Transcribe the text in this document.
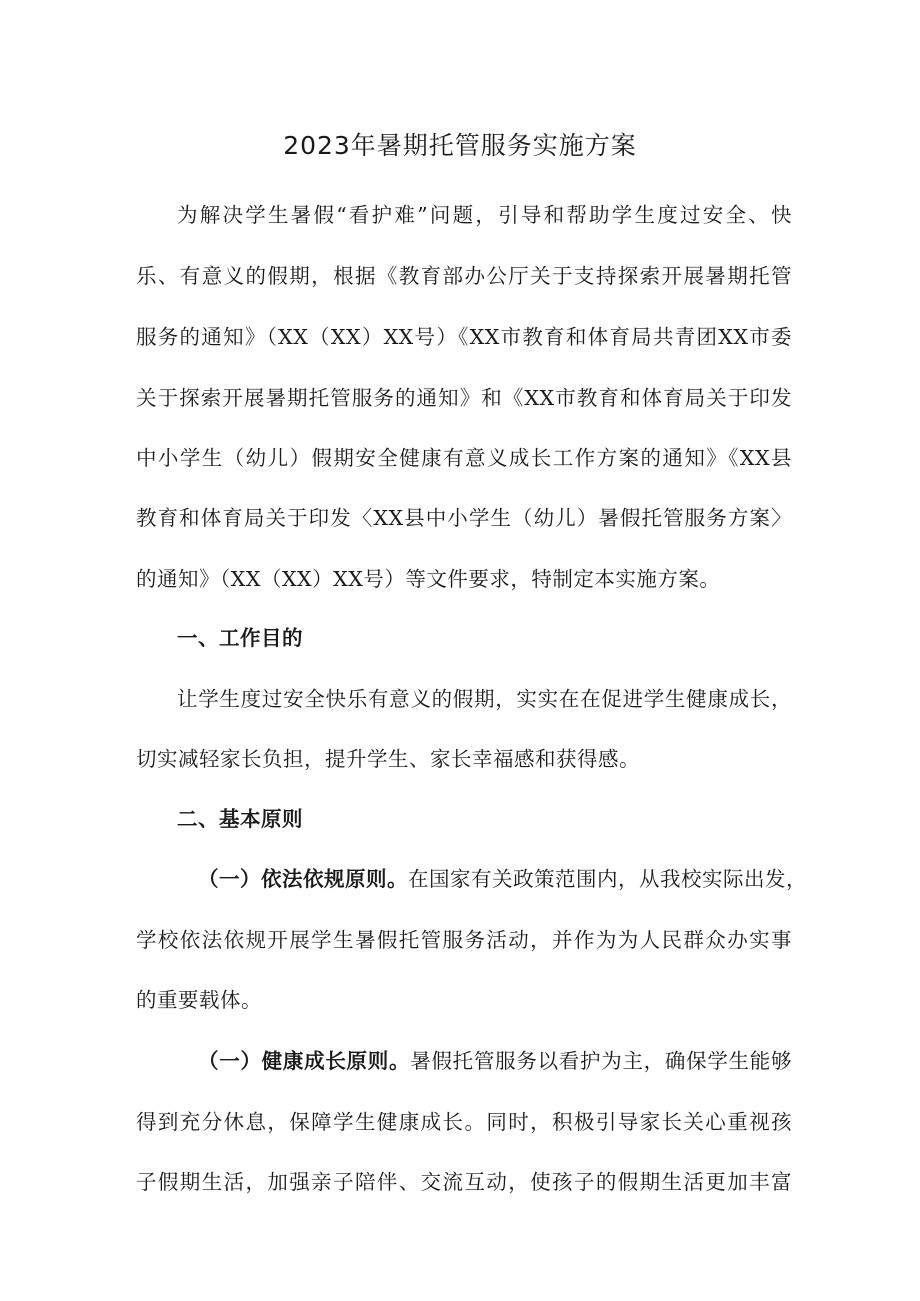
2023年暑期托管服务实施方案
为解决学生暑假“看护难”问题，引导和帮助学生度过安全、快
乐、有意义的假期，根据《教育部办公厅关于支持探索开展暑期托管
服务的通知》（XX（XX）XX号）《XX市教育和体育局共青团XX市委
关于探索开展暑期托管服务的通知》和《XX市教育和体育局关于印发
中小学生（幼儿）假期安全健康有意义成长工作方案的通知》《XX县
教育和体育局关于印发〈XX县中小学生（幼儿）暑假托管服务方案〉
的通知》（XX（XX）XX号）等文件要求，特制定本实施方案。
一、工作目的
让学生度过安全快乐有意义的假期，实实在在促进学生健康成长，
切实减轻家长负担，提升学生、家长幸福感和获得感。
二、基本原则
（一）依法依规原则。在国家有关政策范围内，从我校实际出发，
学校依法依规开展学生暑假托管服务活动，并作为为人民群众办实事
的重要载体。
（一）健康成长原则。暑假托管服务以看护为主，确保学生能够
得到充分休息，保障学生健康成长。同时，积极引导家长关心重视孩
子假期生活，加强亲子陪伴、交流互动，使孩子的假期生活更加丰富
